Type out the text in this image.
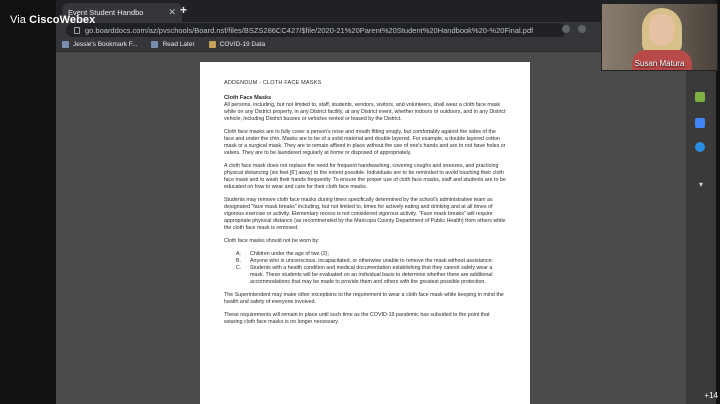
Event Student Handbo	✕ +
go.boarddocs.com/az/pvschools/Board.nsf/files/BSZS286CC427/$file/2020-21%20Parent%20Student%20Handbook%20-%20Final.pdf
Jessie's Bookmark F...	Read Later	COVID-19 Data
ADDENDUM - CLOTH FACE MASKS
Cloth Face Masks

All persons, including, but not limited to, staff, students, vendors, visitors, and volunteers, shall wear a cloth face mask while on any District property, in any District facility, at any District event, whether indoors or outdoors, and in any District vehicle, including District busses or vehicles rented or leased by the District.

Cloth face masks are to fully cover a person's nose and mouth fitting snugly, but comfortably against the sides of the face and under the chin. Masks are to be of a solid material and double layered. For example, a double layered cotton mask or a surgical mask. They are to remain affixed in place without the use of one's hands and are to not have holes or valves. They are to be laundered regularly at home or disposed of appropriately.

A cloth face mask does not replace the need for frequent handwashing, covering coughs and sneezes, and practicing physical distancing (six feet [6'] away) to the extent possible. Individuals are to be reminded to avoid touching their cloth face mask and to wash their hands frequently. To ensure the proper use of cloth face masks, staff and students are to be educated on how to wear and care for their cloth face masks.

Students may remove cloth face masks during times specifically determined by the school's administrative team as designated "face mask breaks" including, but not limited to, times for actively eating and drinking and at all times of vigorous exercise or activity. Elementary recess is not considered vigorous activity. "Face mask breaks" will require appropriate physical distance (as recommended by the Maricopa County Department of Public Health) from others while the cloth face mask is removed.

Cloth face masks should not be worn by:

A.	Children under the age of two (2);
B.	Anyone who is unconscious, incapacitated, or otherwise unable to remove the mask without assistance;
C.	Students with a health condition and medical documentation establishing that they cannot safely wear a mask. These students will be evaluated on an individual basis to determine whether there are additional accommodations that may be made to provide them and others with the greatest possible protection.

The Superintendent may make other exceptions to the requirement to wear a cloth face mask while keeping in mind the health and safety of everyone involved.

These requirements will remain in place until such time as the COVID-19 pandemic has subsided to the point that wearing cloth face masks is no longer necessary.

▾
Via CiscoWebex
Susan Matura
+14
